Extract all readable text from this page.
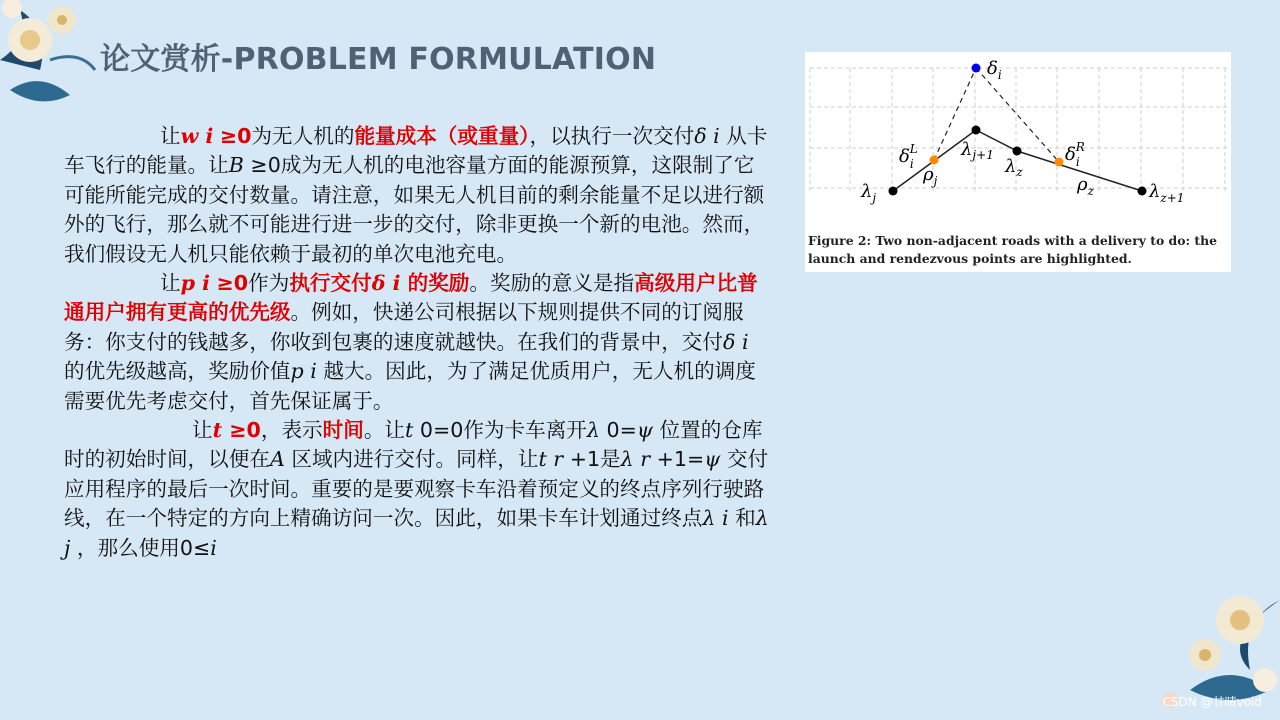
论文赏析-PROBLEM FORMULATION

让w i ≥0为无人机的能量成本（或重量），以执行一次交付δ i 从卡车飞行的能量。让B ≥0成为无人机的电池容量方面的能源预算，这限制了它可能所能完成的交付数量。请注意，如果无人机目前的剩余能量不足以进行额外的飞行，那么就不可能进行进一步的交付，除非更换一个新的电池。然而，我们假设无人机只能依赖于最初的单次电池充电。

让p i ≥0作为执行交付δ i 的奖励。奖励的意义是指高级用户比普通用户拥有更高的优先级。例如，快递公司根据以下规则提供不同的订阅服务：你支付的钱越多，你收到包裹的速度就越快。在我们的背景中，交付δ i 的优先级越高，奖励价值p i 越大。因此，为了满足优质用户，无人机的调度需要优先考虑交付，首先保证属于。

让t ≥0，表示时间。让t 0=0作为卡车离开λ 0=ψ 位置的仓库时的初始时间，以便在A 区域内进行交付。同样，让t r +1是λ r +1=ψ 交付应用程序的最后一次时间。重要的是要观察卡车沿着预定义的终点序列行驶路线，在一个特定的方向上精确访问一次。因此，如果卡车计划通过终点λ i 和λ j ，那么使用0≤i

$\delta_i$
$\delta_iL$	$\delta_iR$
$\lambda_{j+1}$
$\lambda_z$
$\lambda_j$	$\lambda_{z+1}$
$\rho_j$	$\rho_z$
Figure 2: Two non-adjacent roads with a delivery to do: the launch and rendezvous points are highlighted.
CSDN @甘晴void
